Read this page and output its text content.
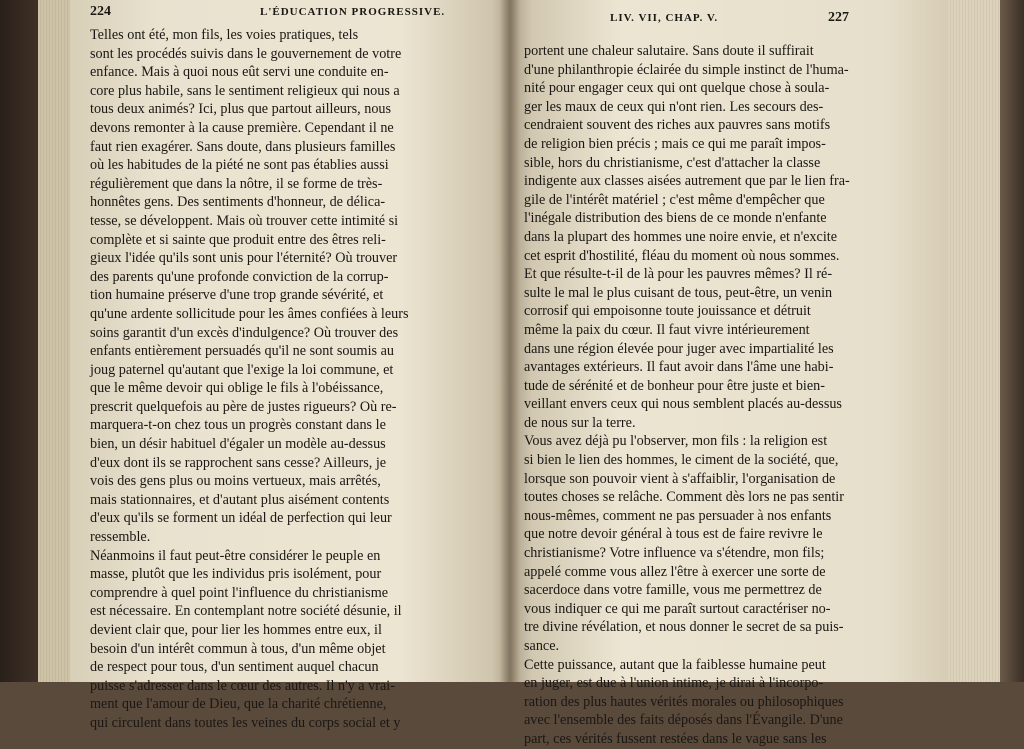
224	L'ÉDUCATION PROGRESSIVE.
Telles ont été, mon fils, les voies pratiques, tels
sont les procédés suivis dans le gouvernement de votre
enfance. Mais à quoi nous eût servi une conduite en-
core plus habile, sans le sentiment religieux qui nous a
tous deux animés? Ici, plus que partout ailleurs, nous
devons remonter à la cause première. Cependant il ne
faut rien exagérer. Sans doute, dans plusieurs familles
où les habitudes de la piété ne sont pas établies aussi
régulièrement que dans la nôtre, il se forme de très-
honnêtes gens. Des sentiments d'honneur, de délica-
tesse, se développent. Mais où trouver cette intimité si
complète et si sainte que produit entre des êtres reli-
gieux l'idée qu'ils sont unis pour l'éternité? Où trouver
des parents qu'une profonde conviction de la corrup-
tion humaine préserve d'une trop grande sévérité, et
qu'une ardente sollicitude pour les âmes confiées à leurs
soins garantit d'un excès d'indulgence? Où trouver des
enfants entièrement persuadés qu'il ne sont soumis au
joug paternel qu'autant que l'exige la loi commune, et
que le même devoir qui oblige le fils à l'obéissance,
prescrit quelquefois au père de justes rigueurs? Où re-
marquera-t-on chez tous un progrès constant dans le
bien, un désir habituel d'égaler un modèle au-dessus
d'eux dont ils se rapprochent sans cesse? Ailleurs, je
vois des gens plus ou moins vertueux, mais arrêtés,
mais stationnaires, et d'autant plus aisément contents
d'eux qu'ils se forment un idéal de perfection qui leur
ressemble.
Néanmoins il faut peut-être considérer le peuple en
masse, plutôt que les individus pris isolément, pour
comprendre à quel point l'influence du christianisme
est nécessaire. En contemplant notre société désunie, il
devient clair que, pour lier les hommes entre eux, il
besoin d'un intérêt commun à tous, d'un même objet
de respect pour tous, d'un sentiment auquel chacun
puisse s'adresser dans le cœur des autres. Il n'y a vrai-
ment que l'amour de Dieu, que la charité chrétienne,
qui circulent dans toutes les veines du corps social et y
LIV. VII, CHAP. V.	227
portent une chaleur salutaire. Sans doute il suffirait
d'une philanthropie éclairée du simple instinct de l'huma-
nité pour engager ceux qui ont quelque chose à soula-
ger les maux de ceux qui n'ont rien. Les secours des-
cendraient souvent des riches aux pauvres sans motifs
de religion bien précis ; mais ce qui me paraît impos-
sible, hors du christianisme, c'est d'attacher la classe
indigente aux classes aisées autrement que par le lien fra-
gile de l'intérêt matériel ; c'est même d'empêcher que
l'inégale distribution des biens de ce monde n'enfante
dans la plupart des hommes une noire envie, et n'excite
cet esprit d'hostilité, fléau du moment où nous sommes.
Et que résulte-t-il de là pour les pauvres mêmes? Il ré-
sulte le mal le plus cuisant de tous, peut-être, un venin
corrosif qui empoisonne toute jouissance et détruit
même la paix du cœur. Il faut vivre intérieurement
dans une région élevée pour juger avec impartialité les
avantages extérieurs. Il faut avoir dans l'âme une habi-
tude de sérénité et de bonheur pour être juste et bien-
veillant envers ceux qui nous semblent placés au-dessus
de nous sur la terre.
Vous avez déjà pu l'observer, mon fils : la religion est
si bien le lien des hommes, le ciment de la société, que,
lorsque son pouvoir vient à s'affaiblir, l'organisation de
toutes choses se relâche. Comment dès lors ne pas sentir
nous-mêmes, comment ne pas persuader à nos enfants
que notre devoir général à tous est de faire revivre le
christianisme? Votre influence va s'étendre, mon fils;
appelé comme vous allez l'être à exercer une sorte de
sacerdoce dans votre famille, vous me permettrez de
vous indiquer ce qui me paraît surtout caractériser no-
tre divine révélation, et nous donner le secret de sa puis-
sance.
Cette puissance, autant que la faiblesse humaine peut
en juger, est due à l'union intime, je dirai à l'incorpo-
ration des plus hautes vérités morales ou philosophiques
avec l'ensemble des faits déposés dans l'Évangile. D'une
part, ces vérités fussent restées dans le vague sans les
